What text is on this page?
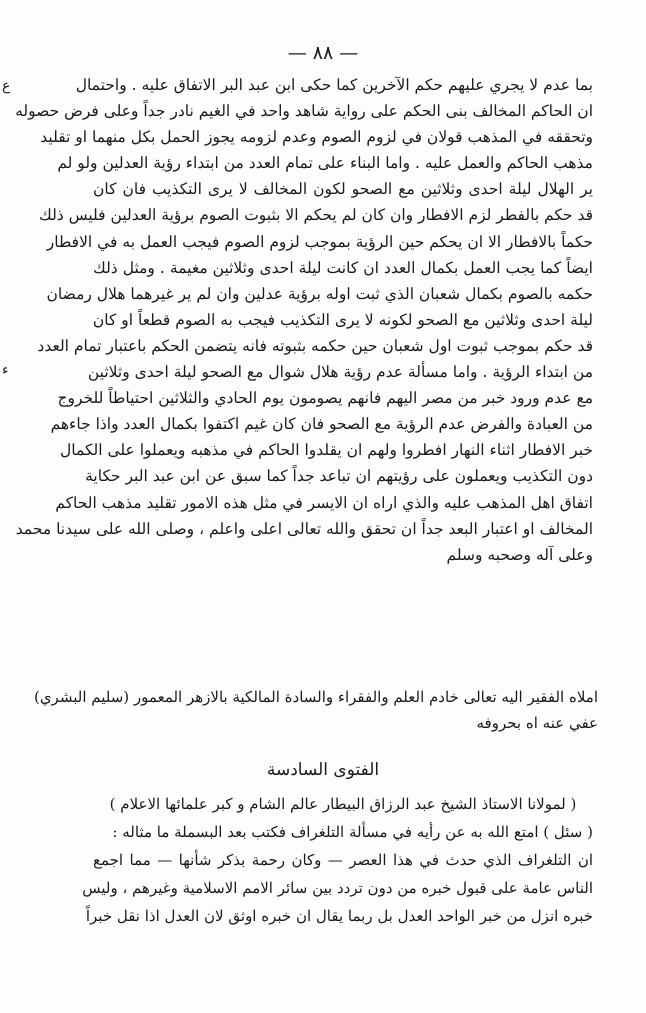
— ٨٨ —
بما عدم لا يجري عليهم حكم الآخرين كما حكى ابن عبد البر الاتفاق عليه . واحتمال
ان الحاكم المخالف بنى الحكم على رواية شاهد واحد في الغيم نادر جداً وعلى فرض حصوله
وتحققه في المذهب قولان في لزوم الصوم وعدم لزومه يجوز الحمل بكل منهما او تقليد
مذهب الحاكم والعمل عليه . واما البناء على تمام العدد من ابتداء رؤية العدلين ولو لم
ير الهلال ليلة احدى وثلاثين مع الصحو لكون المخالف لا يرى التكذيب فان كان
قد حكم بالفطر لزم الافطار وان كان لم يحكم الا بثبوت الصوم برؤية العدلين فليس ذلك
حكماً بالافطار الا ان يحكم حين الرؤية بموجب لزوم الصوم فيجب العمل به في الافطار
ايضاً كما يجب العمل بكمال العدد ان كانت ليلة احدى وثلاثين مغيمة . ومثل ذلك
حكمه بالصوم بكمال شعبان الذي ثبت اوله برؤية عدلين وان لم ير غيرهما هلال رمضان
ليلة احدى وثلاثين مع الصحو لكونه لا يرى التكذيب فيجب به الصوم قطعاً او كان
قد حكم بموجب ثبوت اول شعبان حين حكمه بثبوته فانه يتضمن الحكم باعتبار تمام العدد
من ابتداء الرؤية . واما مسألة عدم رؤية هلال شوال مع الصحو ليلة احدى وثلاثين
مع عدم ورود خبر من مصر اليهم فانهم يصومون يوم الحادي والثلاثين احتياطاً للخروج
من العبادة والفرض عدم الرؤية مع الصحو فان كان غيم اكتفوا بكمال العدد واذا جاءهم
خبر الافطار اثناء النهار افطروا ولهم ان يقلدوا الحاكم في مذهبه ويعملوا على الكمال
دون التكذيب ويعملون على رؤيتهم ان تباعد جداً كما سبق عن ابن عبد البر حكاية
اتفاق اهل المذهب عليه والذي اراه ان الايسر في مثل هذه الامور تقليد مذهب الحاكم
المخالف او اعتبار البعد جداً ان تحقق والله تعالى اعلى واعلم ، وصلى الله على سيدنا محمد
وعلى آله وصحبه وسلم
املاه الفقير اليه تعالى خادم العلم والفقراء والسادة المالكية بالازهر المعمور (سليم البشري)
عفي عنه اه بحروفه
الفتوى السادسة
( لمولانا الاستاذ الشيخ عبد الرزاق البيطار عالم الشام و كبر علمائها الاعلام )
( سئل ) امتع الله به عن رأيه في مسألة التلغراف فكتب بعد البسملة ما مثاله :
ان التلغراف الذي حدث في هذا العصر — وكان رحمة بذكر شأنها — مما اجمع
الناس عامة على قبول خبره من دون تردد بين سائر الامم الاسلامية وغيرهم ، وليس
خبره انزل من خبر الواحد العدل بل ربما يقال ان خبره اوثق لان العدل اذا نقل خبراً
ع
ء
